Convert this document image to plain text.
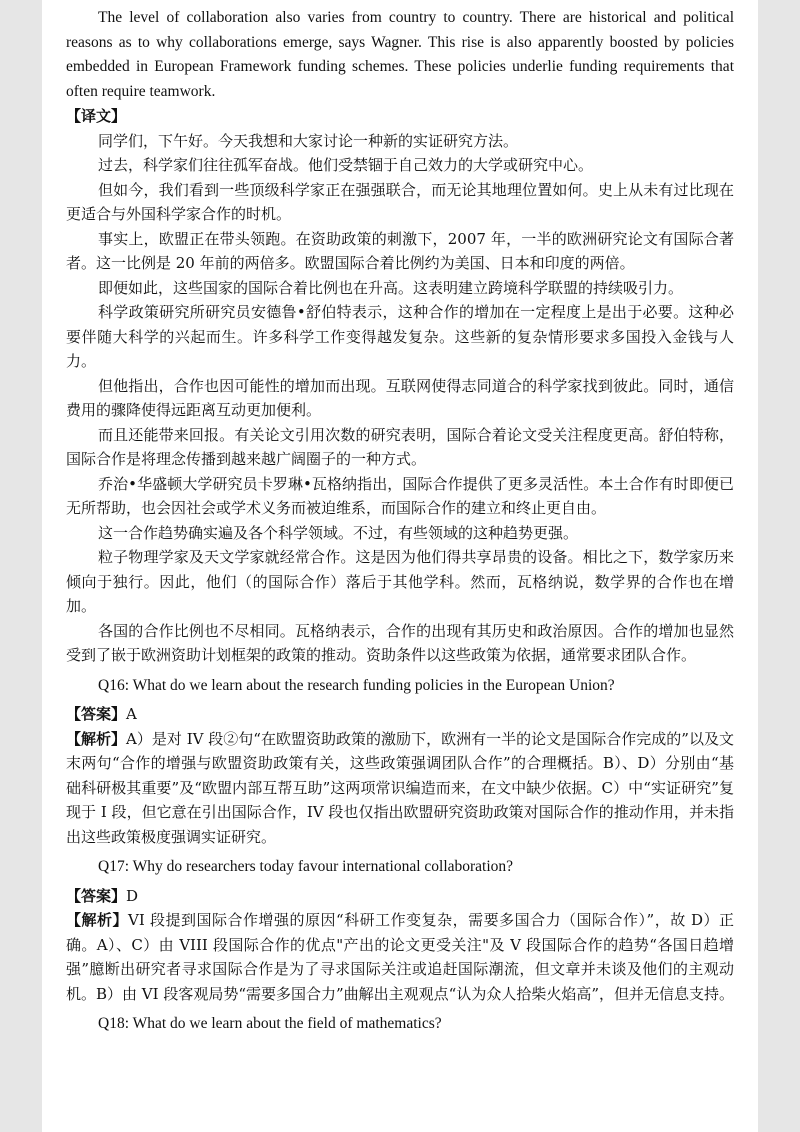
The level of collaboration also varies from country to country. There are historical and political reasons as to why collaborations emerge, says Wagner. This rise is also apparently boosted by policies embedded in European Framework funding schemes. These policies underlie funding requirements that often require teamwork.

【译文】

同学们，下午好。今天我想和大家讨论一种新的实证研究方法。

过去，科学家们往往孤军奋战。他们受禁锢于自己效力的大学或研究中心。

但如今，我们看到一些顶级科学家正在强强联合，而无论其地理位置如何。史上从未有过比现在更适合与外国科学家合作的时机。

事实上，欧盟正在带头领跑。在资助政策的刺激下，2007 年，一半的欧洲研究论文有国际合著者。这一比例是 20 年前的两倍多。欧盟国际合着比例约为美国、日本和印度的两倍。

即便如此，这些国家的国际合着比例也在升高。这表明建立跨境科学联盟的持续吸引力。

科学政策研究所研究员安德鲁•舒伯特表示，这种合作的增加在一定程度上是出于必要。这种必要伴随大科学的兴起而生。许多科学工作变得越发复杂。这些新的复杂情形要求多国投入金钱与人力。

但他指出，合作也因可能性的增加而出现。互联网使得志同道合的科学家找到彼此。同时，通信费用的骤降使得远距离互动更加便利。

而且还能带来回报。有关论文引用次数的研究表明，国际合着论文受关注程度更高。舒伯特称，国际合作是将理念传播到越来越广阔圈子的一种方式。

乔治•华盛顿大学研究员卡罗琳•瓦格纳指出，国际合作提供了更多灵活性。本土合作有时即便已无所帮助，也会因社会或学术义务而被迫维系，而国际合作的建立和终止更自由。

这一合作趋势确实遍及各个科学领域。不过，有些领域的这种趋势更强。

粒子物理学家及天文学家就经常合作。这是因为他们得共享昂贵的设备。相比之下，数学家历来倾向于独行。因此，他们（的国际合作）落后于其他学科。然而，瓦格纳说，数学界的合作也在增加。

各国的合作比例也不尽相同。瓦格纳表示，合作的出现有其历史和政治原因。合作的增加也显然受到了嵌于欧洲资助计划框架的政策的推动。资助条件以这些政策为依据，通常要求团队合作。

Q16: What do we learn about the research funding policies in the European Union?

【答案】A

【解析】A）是对 IV 段②句“在欧盟资助政策的激励下，欧洲有一半的论文是国际合作完成的”以及文末两句“合作的增强与欧盟资助政策有关，这些政策强调团队合作”的合理概括。B）、D）分别由“基础科研极其重要”及“欧盟内部互帮互助”这两项常识编造而来，在文中缺少依据。C）中“实证研究”复现于 I 段，但它意在引出国际合作，IV 段也仅指出欧盟研究资助政策对国际合作的推动作用，并未指出这些政策极度强调实证研究。

Q17: Why do researchers today favour international collaboration?

【答案】D

【解析】VI 段提到国际合作增强的原因“科研工作变复杂，需要多国合力（国际合作）”，故 D）正确。A）、C）由 VIII 段国际合作的优点"产出的论文更受关注"及 V 段国际合作的趋势“各国日趋增强”臆断出研究者寻求国际合作是为了寻求国际关注或追赶国际潮流，但文章并未谈及他们的主观动机。B）由 VI 段客观局势“需要多国合力”曲解出主观观点“认为众人拾柴火焰高”，但并无信息支持。

Q18: What do we learn about the field of mathematics?
